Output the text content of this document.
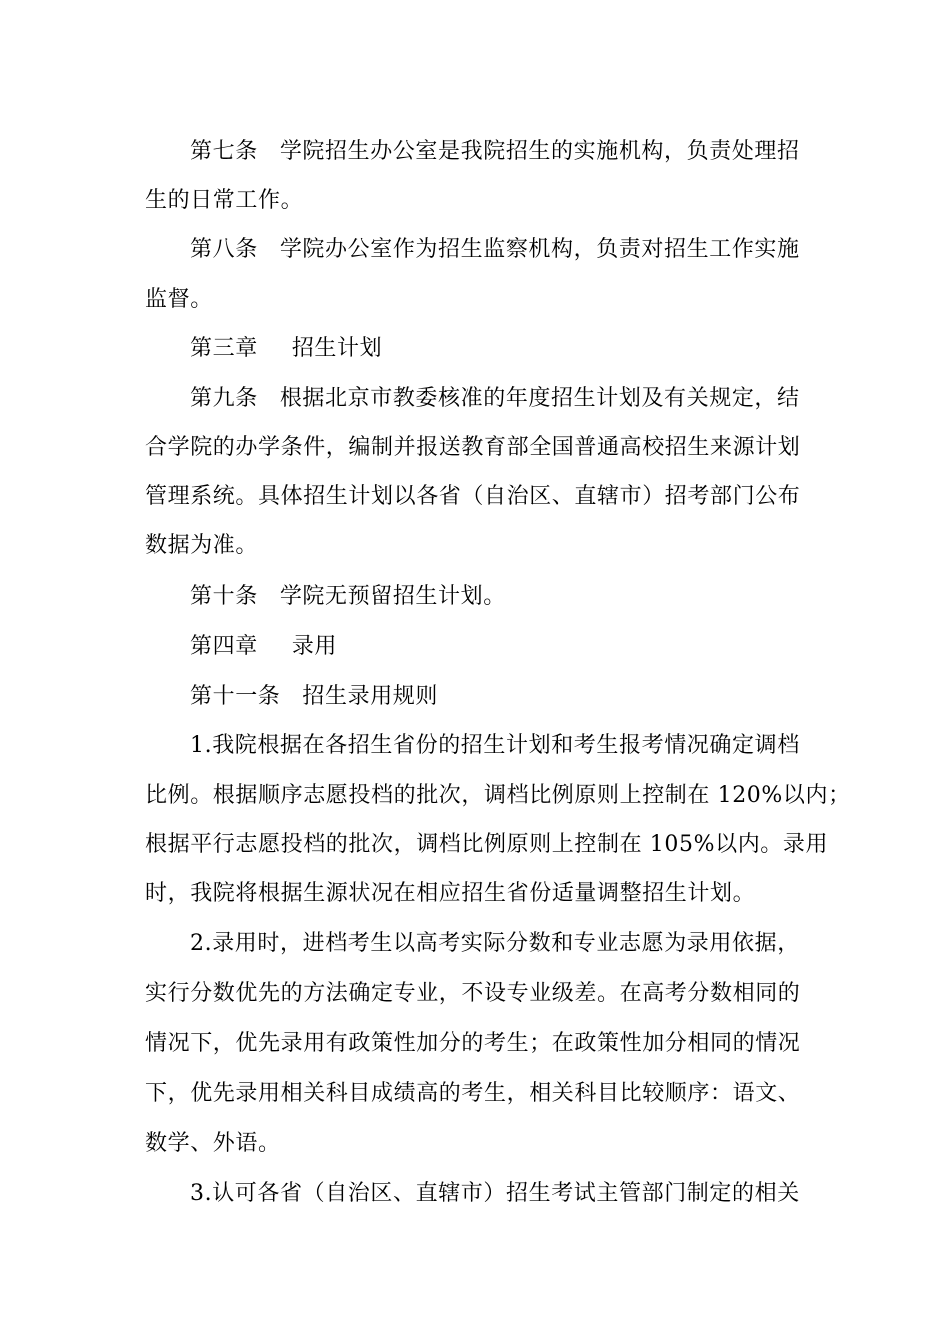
第七条 学院招生办公室是我院招生的实施机构，负责处理招
生的日常工作。
第八条 学院办公室作为招生监察机构，负责对招生工作实施
监督。
第三章 招生计划
第九条 根据北京市教委核准的年度招生计划及有关规定，结
合学院的办学条件，编制并报送教育部全国普通高校招生来源计划
管理系统。具体招生计划以各省（自治区、直辖市）招考部门公布
数据为准。
第十条 学院无预留招生计划。
第四章 录用
第十一条 招生录用规则
1.我院根据在各招生省份的招生计划和考生报考情况确定调档
比例。根据顺序志愿投档的批次，调档比例原则上控制在 120%以内；
根据平行志愿投档的批次，调档比例原则上控制在 105%以内。录用
时，我院将根据生源状况在相应招生省份适量调整招生计划。
2.录用时，进档考生以高考实际分数和专业志愿为录用依据，
实行分数优先的方法确定专业，不设专业级差。在高考分数相同的
情况下，优先录用有政策性加分的考生；在政策性加分相同的情况
下，优先录用相关科目成绩高的考生，相关科目比较顺序：语文、
数学、外语。
3.认可各省（自治区、直辖市）招生考试主管部门制定的相关
